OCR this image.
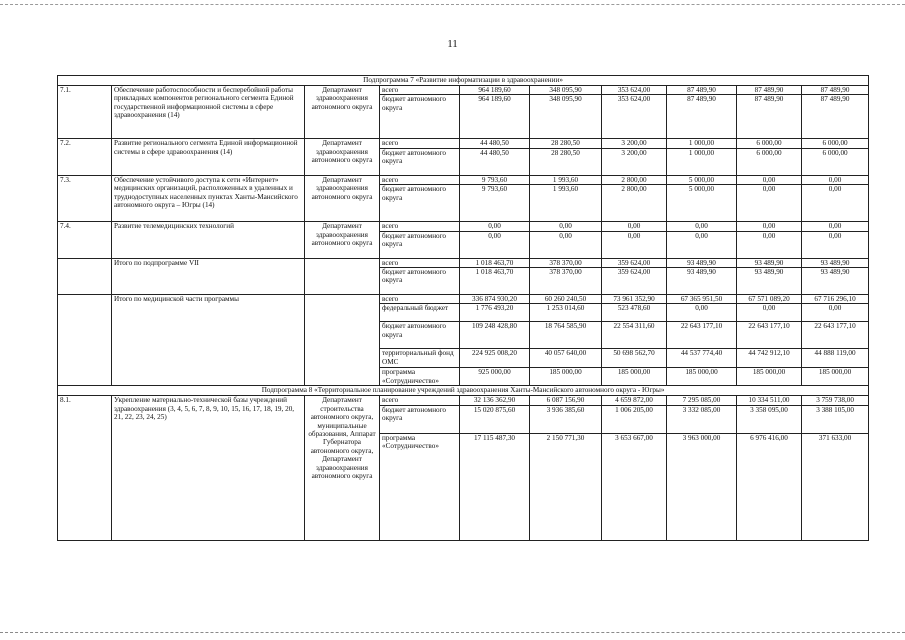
11
Подпрограмма 7 «Развитие информатизации в здравоохранении»									
7.1.	Обеспечение работоспособности и бесперебойной работы прикладных компонентов регионального сегмента Единой государственной информационной системы в сфере здравоохранения (14)	Департамент здравоохранения автономного округа	всего	964 189,60	348 095,90	353 624,00	87 489,90	87 489,90	87 489,90
			бюджет автономного округа	964 189,60	348 095,90	353 624,00	87 489,90	87 489,90	87 489,90
7.2.	Развитие регионального сегмента Единой информационной системы в сфере здравоохранения (14)	Департамент здравоохранения автономного округа	всего	44 480,50	28 280,50	3 200,00	1 000,00	6 000,00	6 000,00
			бюджет автономного округа	44 480,50	28 280,50	3 200,00	1 000,00	6 000,00	6 000,00
7.3.	Обеспечение устойчивого доступа к сети «Интернет» медицинских организаций, расположенных в удаленных и труднодоступных населенных пунктах Ханты-Мансийского автономного округа – Югры (14)	Департамент здравоохранения автономного округа	всего	9 793,60	1 993,60	2 800,00	5 000,00	0,00	0,00
			бюджет автономного округа	9 793,60	1 993,60	2 800,00	5 000,00	0,00	0,00
7.4.	Развитие телемедицинских технологий	Департамент здравоохранения автономного округа	всего	0,00	0,00	0,00	0,00	0,00	0,00
			бюджет автономного округа	0,00	0,00	0,00	0,00	0,00	0,00
	Итого по подпрограмме VII		всего	1 018 463,70	378 370,00	359 624,00	93 489,90	93 489,90	93 489,90
			бюджет автономного округа	1 018 463,70	378 370,00	359 624,00	93 489,90	93 489,90	93 489,90
	Итого по медицинской части программы		всего	336 874 930,20	60 260 240,50	73 961 352,90	67 365 951,50	67 571 089,20	67 716 296,10
			федеральный бюджет	1 776 493,20	1 253 014,60	523 478,60	0,00	0,00	0,00
			бюджет автономного округа	109 248 428,80	18 764 585,90	22 554 311,60	22 643 177,10	22 643 177,10	22 643 177,10
			территориальный фонд ОМС	224 925 008,20	40 057 640,00	50 698 562,70	44 537 774,40	44 742 912,10	44 888 119,00
			программа «Сотрудничество»	925 000,00	185 000,00	185 000,00	185 000,00	185 000,00	185 000,00
Подпрограмма 8 «Территориальное планирование учреждений здравоохранения Ханты-Мансийского автономного округа - Югры»									
8.1.	Укрепление материально-технической базы учреждений здравоохранения (3, 4, 5, 6, 7, 8, 9, 10, 15, 16, 17, 18, 19, 20, 21, 22, 23, 24, 25)	Департамент строительства автономного округа, муниципальные образования, Аппарат Губернатора автономного округа, Департамент здравоохранения автономного округа	всего	32 136 362,90	6 087 156,90	4 659 872,00	7 295 085,00	10 334 511,00	3 759 738,00
			бюджет автономного округа	15 020 875,60	3 936 385,60	1 006 205,00	3 332 085,00	3 358 095,00	3 388 105,00
			программа «Сотрудничество»	17 115 487,30	2 150 771,30	3 653 667,00	3 963 000,00	6 976 416,00	371 633,00
